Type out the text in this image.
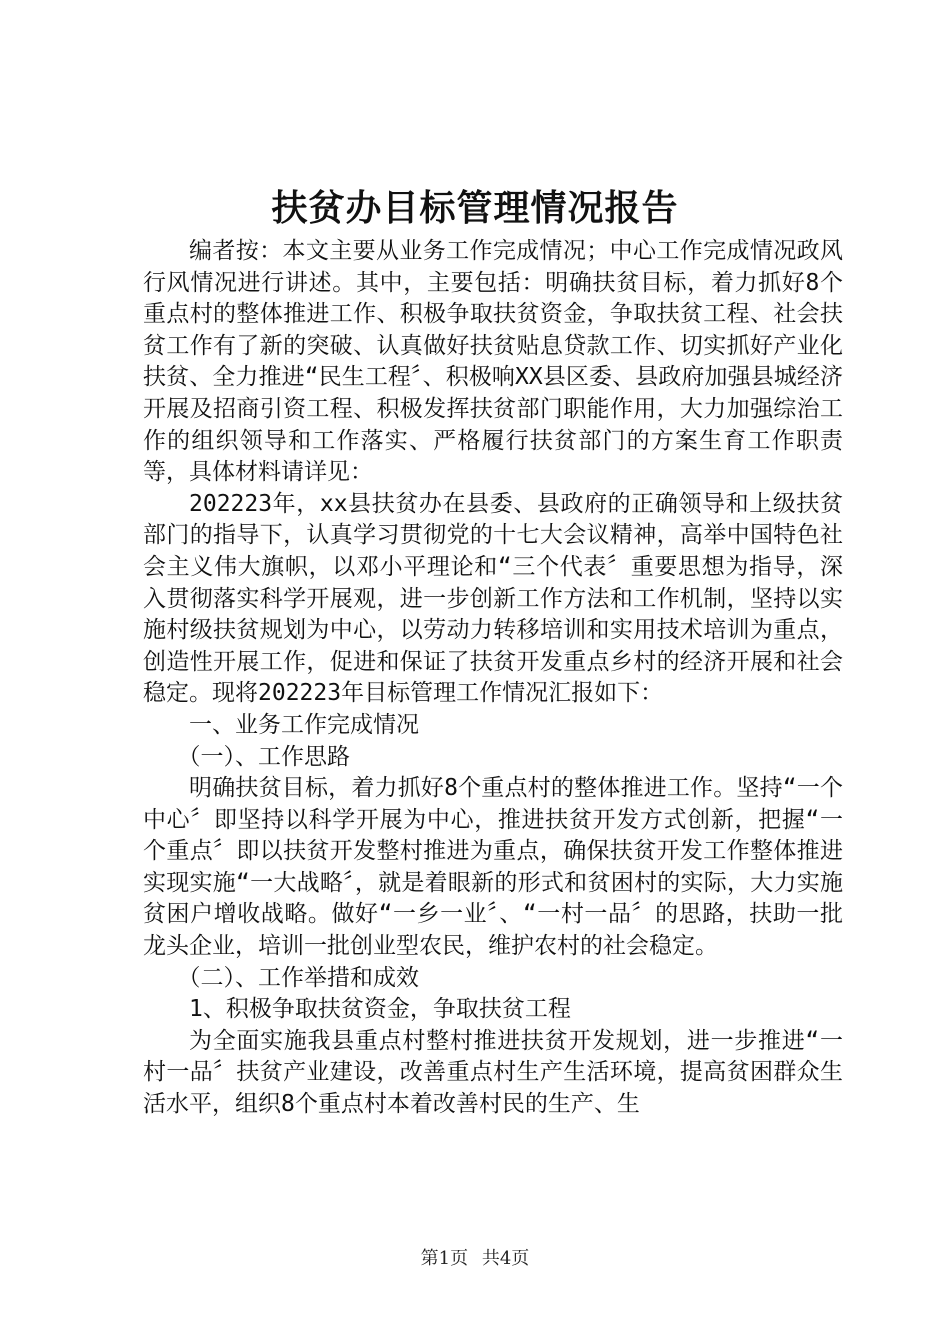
扶贫办目标管理情况报告

编者按：本文主要从业务工作完成情况；中心工作完成情况政风行风情况进行讲述。其中，主要包括：明确扶贫目标，着力抓好8个重点村的整体推进工作、积极争取扶贫资金，争取扶贫工程、社会扶贫工作有了新的突破、认真做好扶贫贴息贷款工作、切实抓好产业化扶贫、全力推进“民生工程〞、积极响XX县区委、县政府加强县城经济开展及招商引资工程、积极发挥扶贫部门职能作用，大力加强综治工作的组织领导和工作落实、严格履行扶贫部门的方案生育工作职责等，具体材料请详见：

202223年，xx县扶贫办在县委、县政府的正确领导和上级扶贫部门的指导下，认真学习贯彻党的十七大会议精神，高举中国特色社会主义伟大旗帜，以邓小平理论和“三个代表〞重要思想为指导，深入贯彻落实科学开展观，进一步创新工作方法和工作机制，坚持以实施村级扶贫规划为中心，以劳动力转移培训和实用技术培训为重点，创造性开展工作，促进和保证了扶贫开发重点乡村的经济开展和社会稳定。现将202223年目标管理工作情况汇报如下：

一、业务工作完成情况

（一）、工作思路

明确扶贫目标，着力抓好8个重点村的整体推进工作。坚持“一个中心〞即坚持以科学开展为中心，推进扶贫开发方式创新，把握“一个重点〞即以扶贫开发整村推进为重点，确保扶贫开发工作整体推进实现实施“一大战略〞，就是着眼新的形式和贫困村的实际，大力实施贫困户增收战略。做好“一乡一业〞、“一村一品〞的思路，扶助一批龙头企业，培训一批创业型农民，维护农村的社会稳定。

（二）、工作举措和成效

1、积极争取扶贫资金，争取扶贫工程

为全面实施我县重点村整村推进扶贫开发规划，进一步推进“一村一品〞扶贫产业建设，改善重点村生产生活环境，提高贫困群众生活水平，组织8个重点村本着改善村民的生产、生

第1页 共4页
